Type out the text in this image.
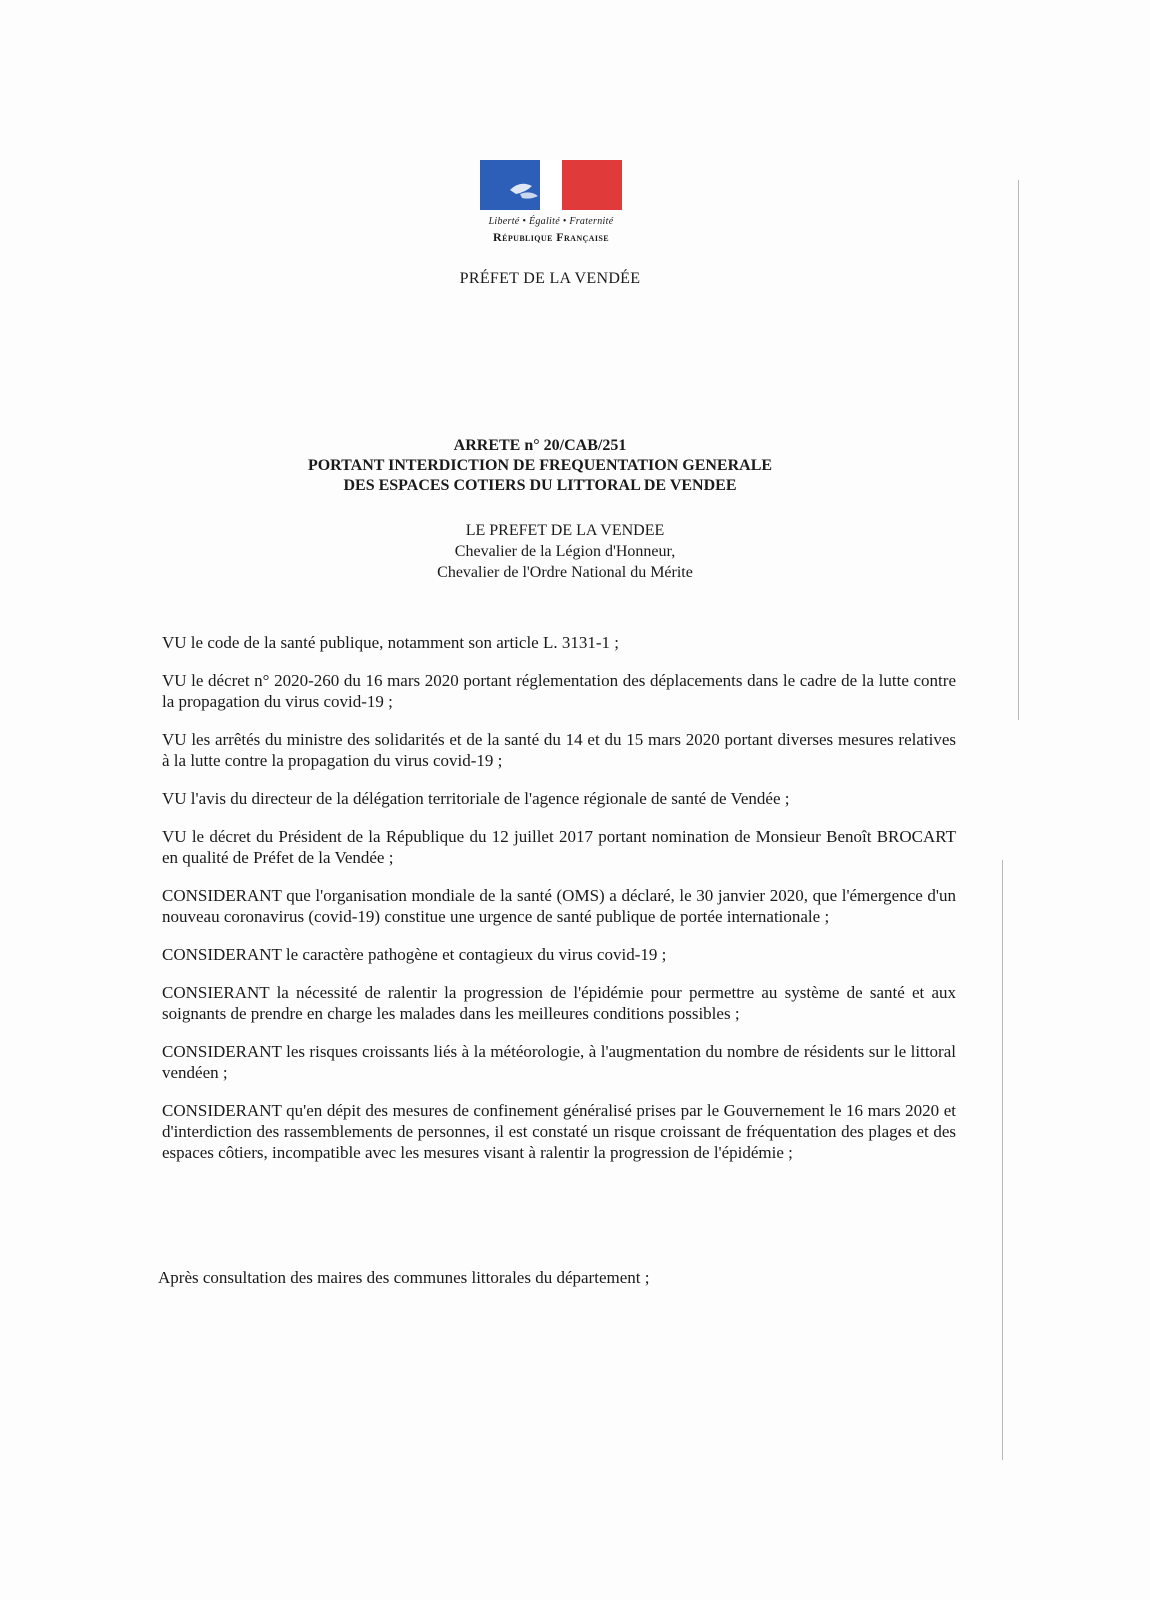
Liberté • Égalité • Fraternité
République Française
PRÉFET DE LA VENDÉE
ARRETE n° 20/CAB/251
PORTANT INTERDICTION DE FREQUENTATION GENERALE
DES ESPACES COTIERS DU LITTORAL DE VENDEE
LE PREFET DE LA VENDEE
Chevalier de la Légion d'Honneur,
Chevalier de l'Ordre National du Mérite

VU le code de la santé publique, notamment son article L. 3131-1 ;

VU le décret n° 2020-260 du 16 mars 2020 portant réglementation des déplacements dans le cadre de la lutte contre la propagation du virus covid-19 ;

VU les arrêtés du ministre des solidarités et de la santé du 14 et du 15 mars 2020 portant diverses mesures relatives à la lutte contre la propagation du virus covid-19 ;

VU l'avis du directeur de la délégation territoriale de l'agence régionale de santé de Vendée ;

VU le décret du Président de la République du 12 juillet 2017 portant nomination de Monsieur Benoît BROCART en qualité de Préfet de la Vendée ;

CONSIDERANT que l'organisation mondiale de la santé (OMS) a déclaré, le 30 janvier 2020, que l'émergence d'un nouveau coronavirus (covid-19) constitue une urgence de santé publique de portée internationale ;

CONSIDERANT le caractère pathogène et contagieux du virus covid-19 ;

CONSIERANT la nécessité de ralentir la progression de l'épidémie pour permettre au système de santé et aux soignants de prendre en charge les malades dans les meilleures conditions possibles ;

CONSIDERANT les risques croissants liés à la météorologie, à l'augmentation du nombre de résidents sur le littoral vendéen ;

CONSIDERANT qu'en dépit des mesures de confinement généralisé prises par le Gouvernement le 16 mars 2020 et d'interdiction des rassemblements de personnes, il est constaté un risque croissant de fréquentation des plages et des espaces côtiers, incompatible avec les mesures visant à ralentir la progression de l'épidémie ;

Après consultation des maires des communes littorales du département ;
